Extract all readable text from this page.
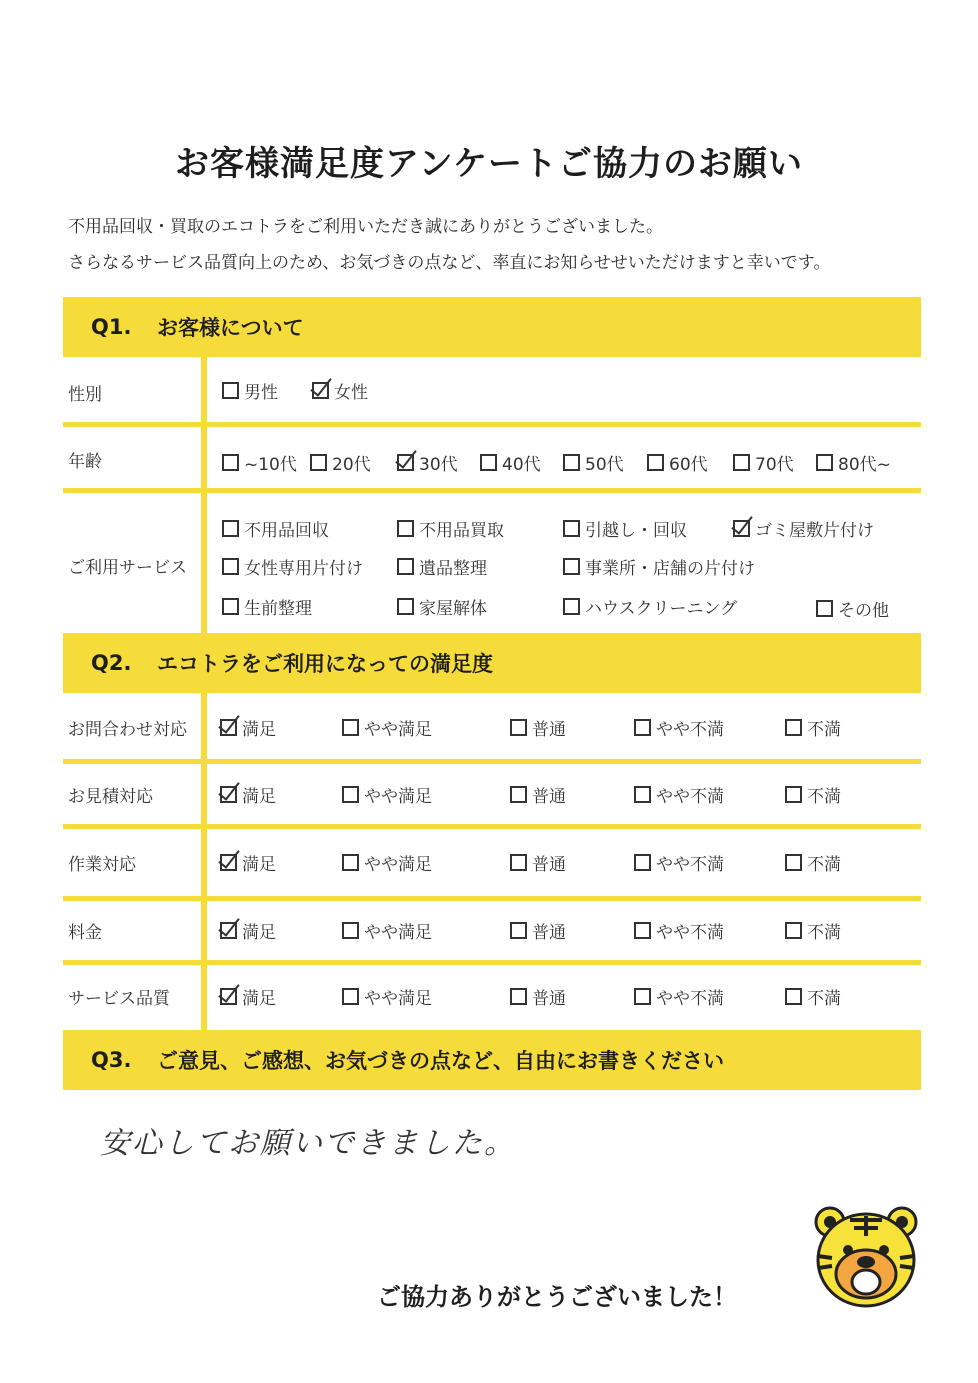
お客様満足度アンケートご協力のお願い
不用品回収・買取のエコトラをご利用いただき誠にありがとうございました。
さらなるサービス品質向上のため、お気づきの点など、率直にお知らせせいただけますと幸いです。
Q1.	お客様について
性別	男性	女性
年齢	~10代 20代	30代	40代	50代	60代	70代	80代~
ご利用サービス
不用品回収	不用品買取	引越し・回収	ゴミ屋敷片付け
女性専用片付け	遺品整理	事業所・店舗の片付け
生前整理	家屋解体	ハウスクリーニング	その他
Q2.	エコトラをご利用になっての満足度
お問合わせ対応	満足	やや満足	普通	やや不満	不満
お見積対応	満足	やや満足	普通	やや不満	不満
作業対応	満足	やや満足	普通	やや不満	不満
料金	満足	やや満足	普通	やや不満	不満
サービス品質	満足	やや満足	普通	やや不満	不満
Q3.	ご意見、ご感想、お気づきの点など、自由にお書きください
安心してお願いできました。
ご協力ありがとうございました！
